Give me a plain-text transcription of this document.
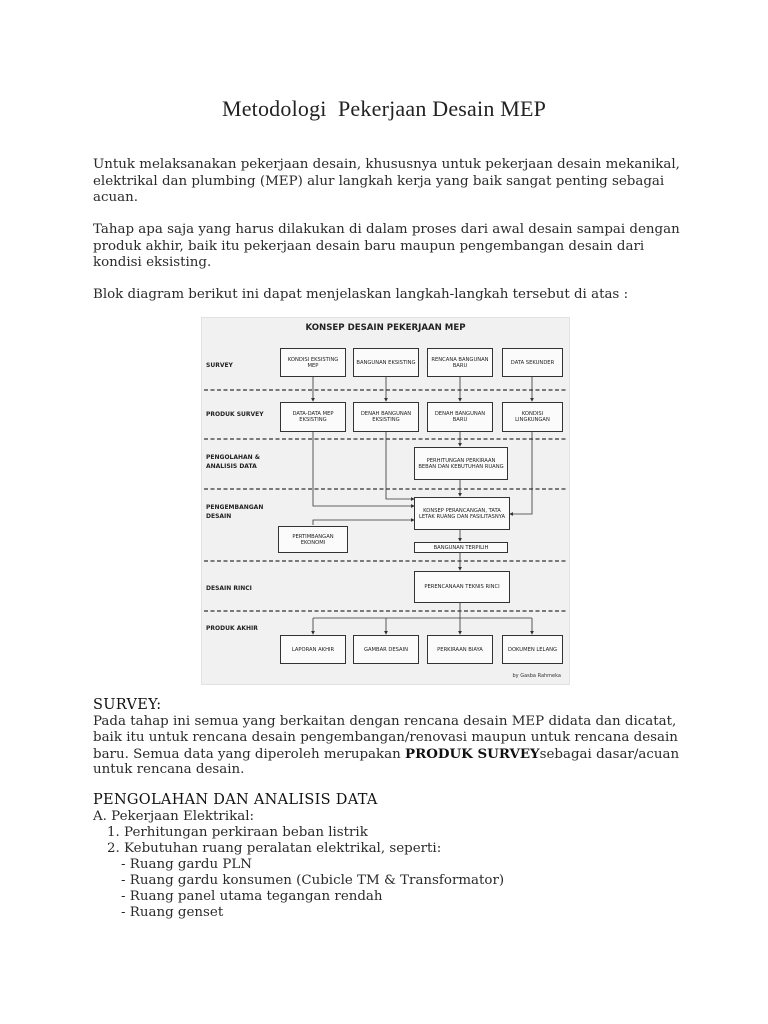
Metodologi  Pekerjaan Desain MEP
Untuk melaksanakan pekerjaan desain, khususnya untuk pekerjaan desain mekanikal, elektrikal dan plumbing (MEP) alur langkah kerja yang baik sangat penting sebagai acuan.
Tahap apa saja yang harus dilakukan di dalam proses dari awal desain sampai dengan produk akhir, baik itu pekerjaan desain baru maupun pengembangan desain dari kondisi eksisting.
Blok diagram berikut ini dapat menjelaskan langkah-langkah tersebut di atas :
KONSEP DESAIN PEKERJAAN MEP
SURVEY
PRODUK SURVEY
PENGOLAHAN & ANALISIS DATA
PENGEMBANGAN DESAIN
DESAIN RINCI
PRODUK AKHIR
KONDISI EKSISTING MEP	BANGUNAN EKSISTING	RENCANA BANGUNAN BARU	DATA SEKUNDER
DATA-DATA MEP EKSISTING
DENAH BANGUNAN EKSISTING
DENAH BANGUNAN BARU
KONDISI LINGKUNGAN
PERHITUNGAN PERKIRAAN BEBAN DAN KEBUTUHAN RUANG
KONSEP PERANCANGAN, TATA LETAK RUANG DAN FASILITASNYA
PERTIMBANGAN EKONOMI
BANGUNAN TERPILIH
PERENCANAAN TEKNIS RINCI
LAPORAN AKHIR	GAMBAR DESAIN	PERKIRAAN BIAYA	DOKUMEN LELANG
by Gasba Rahmeka
SURVEY:
Pada tahap ini semua yang berkaitan dengan rencana desain MEP didata dan dicatat,
baik itu untuk rencana desain pengembangan/renovasi maupun untuk rencana desain
baru. Semua data yang diperoleh merupakan PRODUK SURVEYsebagai dasar/acuan
untuk rencana desain.
PENGOLAHAN DAN ANALISIS DATA
A. Pekerjaan Elektrikal:
1. Perhitungan perkiraan beban listrik
2. Kebutuhan ruang peralatan elektrikal, seperti:
- Ruang gardu PLN
- Ruang gardu konsumen (Cubicle TM & Transformator)
- Ruang panel utama tegangan rendah
- Ruang genset
